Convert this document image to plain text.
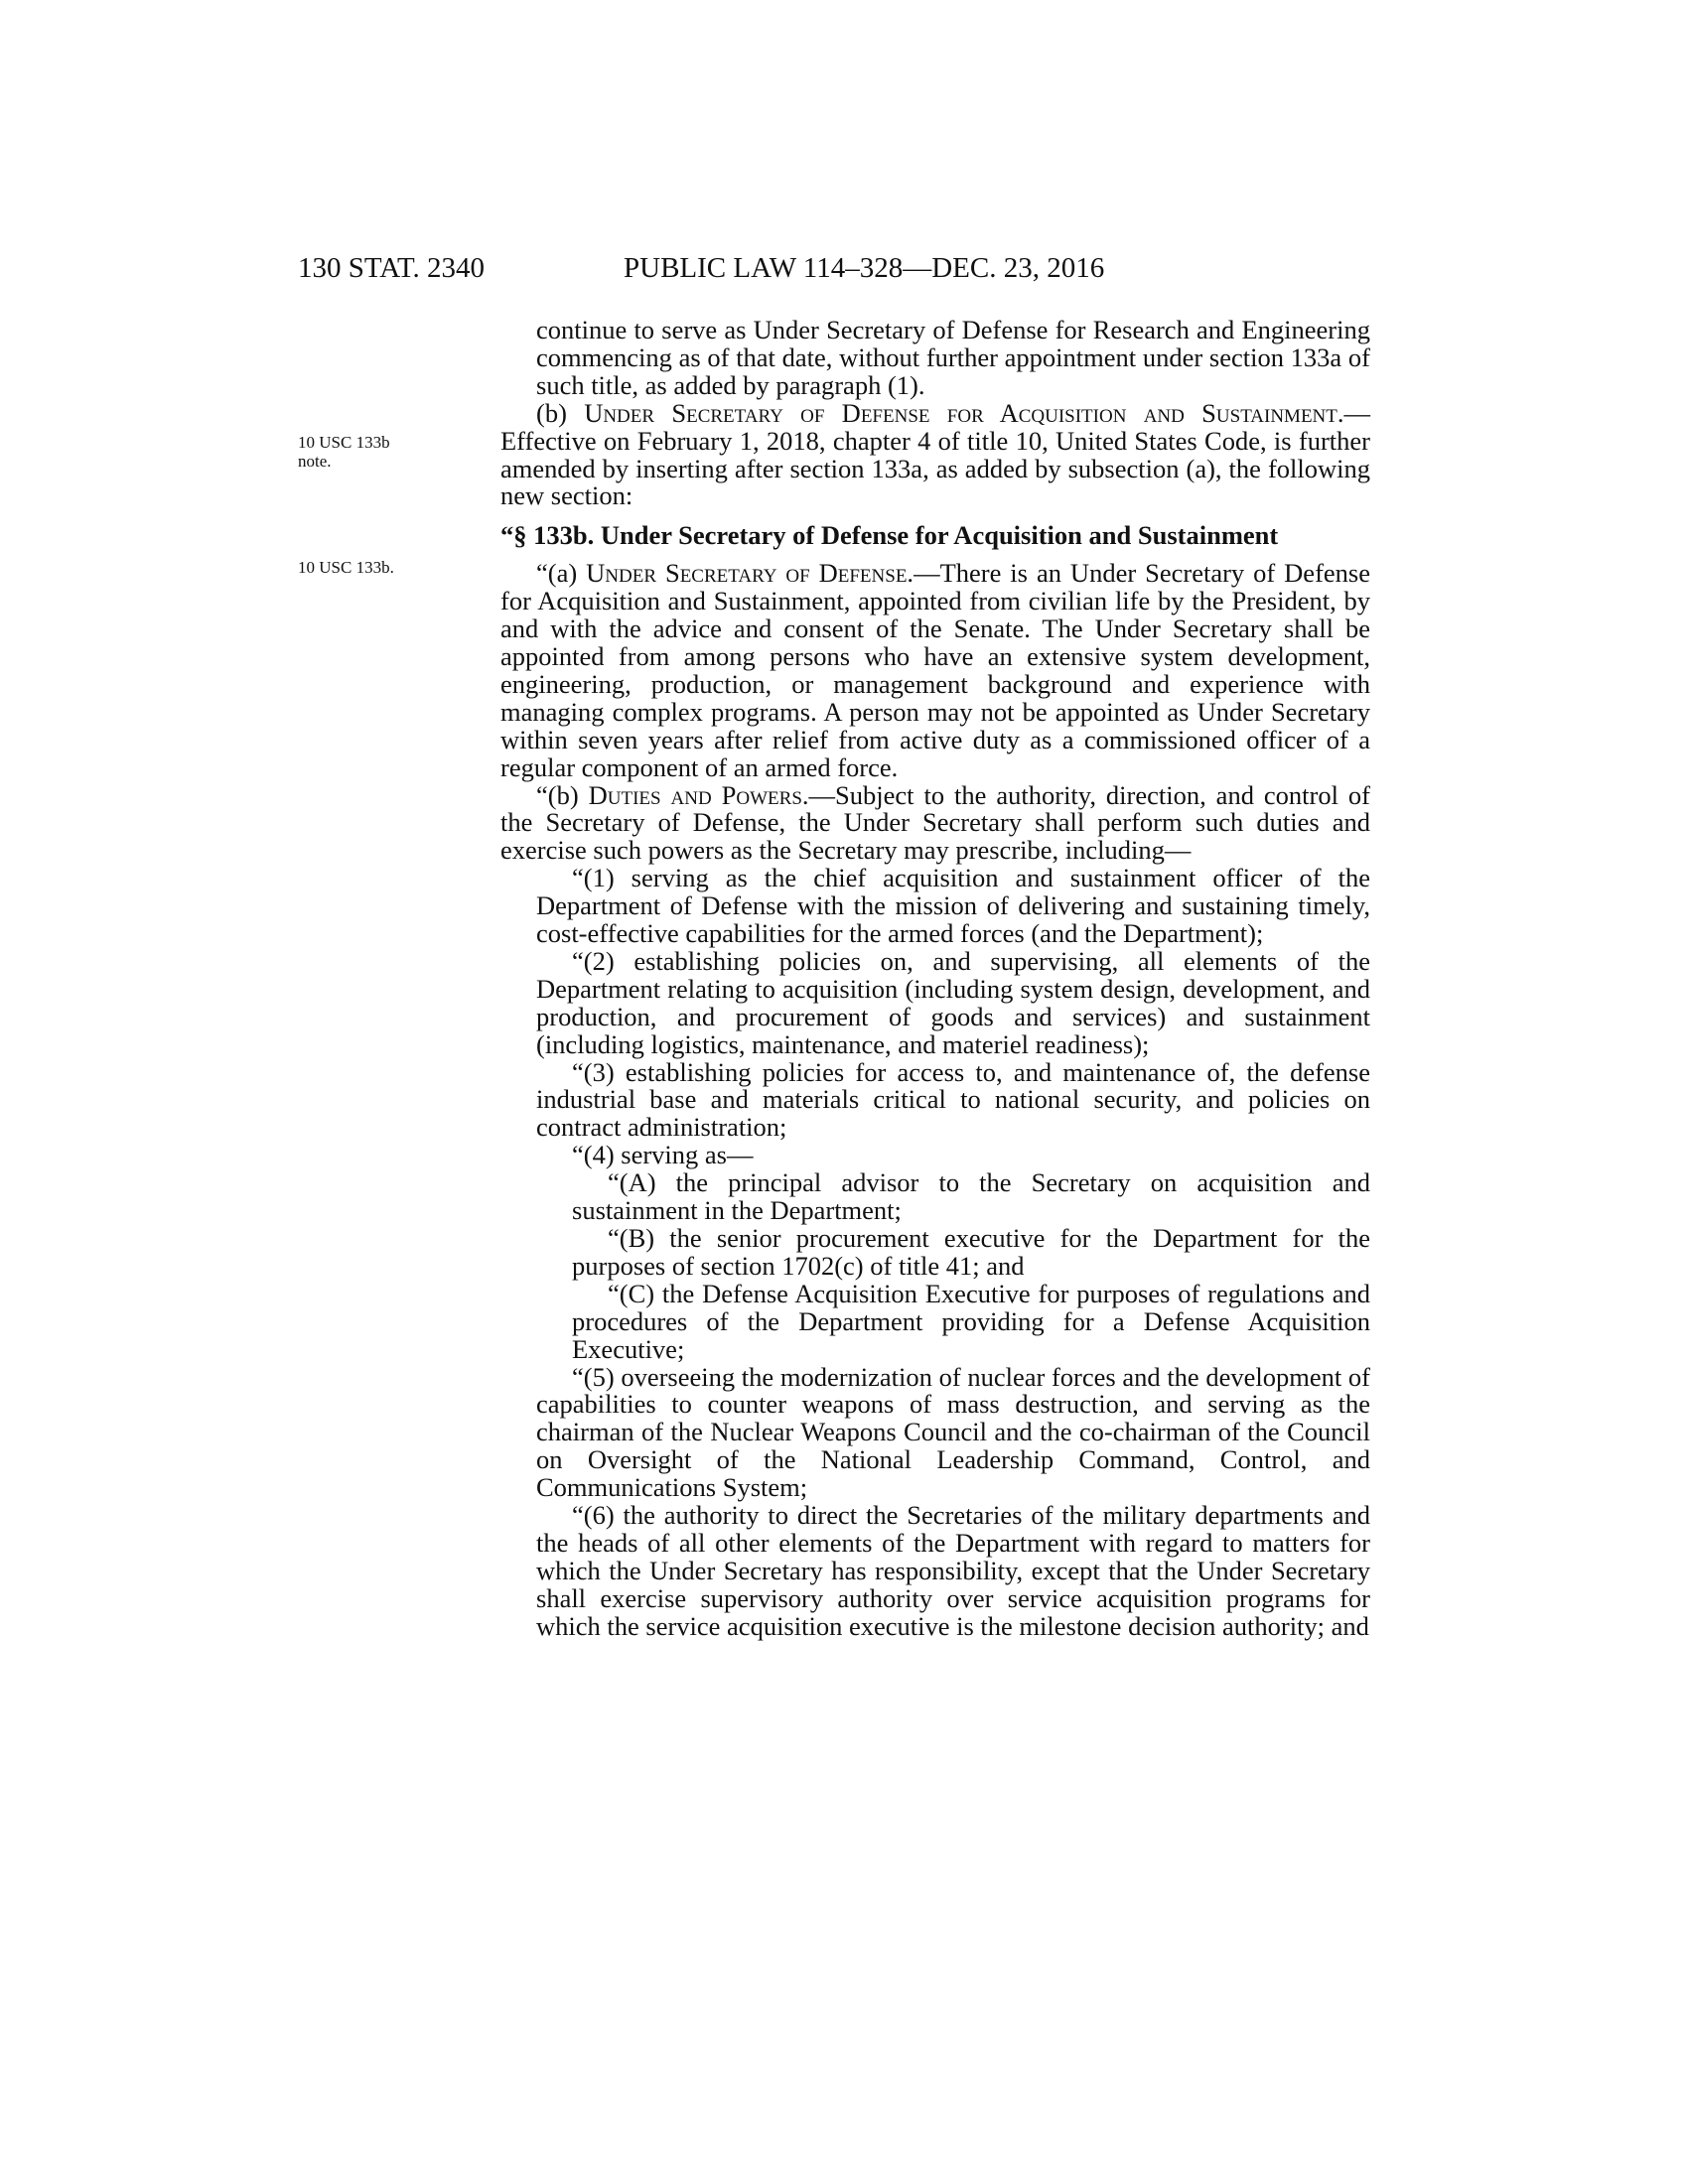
130 STAT. 2340	PUBLIC LAW 114–328—DEC. 23, 2016
10 USC 133b
note.
10 USC 133b.

continue to serve as Under Secretary of Defense for Research and Engineering commencing as of that date, without further appointment under section 133a of such title, as added by paragraph (1).

(b) Under Secretary of Defense for Acquisition and Sustainment.—Effective on February 1, 2018, chapter 4 of title 10, United States Code, is further amended by inserting after section 133a, as added by subsection (a), the following new section:

“§ 133b. Under Secretary of Defense for Acquisition and Sustainment

“(a) Under Secretary of Defense.—There is an Under Secretary of Defense for Acquisition and Sustainment, appointed from civilian life by the President, by and with the advice and consent of the Senate. The Under Secretary shall be appointed from among persons who have an extensive system development, engineering, production, or management background and experience with managing complex programs. A person may not be appointed as Under Secretary within seven years after relief from active duty as a commissioned officer of a regular component of an armed force.

“(b) Duties and Powers.—Subject to the authority, direction, and control of the Secretary of Defense, the Under Secretary shall perform such duties and exercise such powers as the Secretary may prescribe, including—

“(1) serving as the chief acquisition and sustainment officer of the Department of Defense with the mission of delivering and sustaining timely, cost-effective capabilities for the armed forces (and the Department);

“(2) establishing policies on, and supervising, all elements of the Department relating to acquisition (including system design, development, and production, and procurement of goods and services) and sustainment (including logistics, maintenance, and materiel readiness);

“(3) establishing policies for access to, and maintenance of, the defense industrial base and materials critical to national security, and policies on contract administration;

“(4) serving as—

“(A) the principal advisor to the Secretary on acquisition and sustainment in the Department;

“(B) the senior procurement executive for the Department for the purposes of section 1702(c) of title 41; and

“(C) the Defense Acquisition Executive for purposes of regulations and procedures of the Department providing for a Defense Acquisition Executive;

“(5) overseeing the modernization of nuclear forces and the development of capabilities to counter weapons of mass destruction, and serving as the chairman of the Nuclear Weapons Council and the co-chairman of the Council on Oversight of the National Leadership Command, Control, and Communications System;

“(6) the authority to direct the Secretaries of the military departments and the heads of all other elements of the Department with regard to matters for which the Under Secretary has responsibility, except that the Under Secretary shall exercise supervisory authority over service acquisition programs for which the service acquisition executive is the milestone decision authority; and
